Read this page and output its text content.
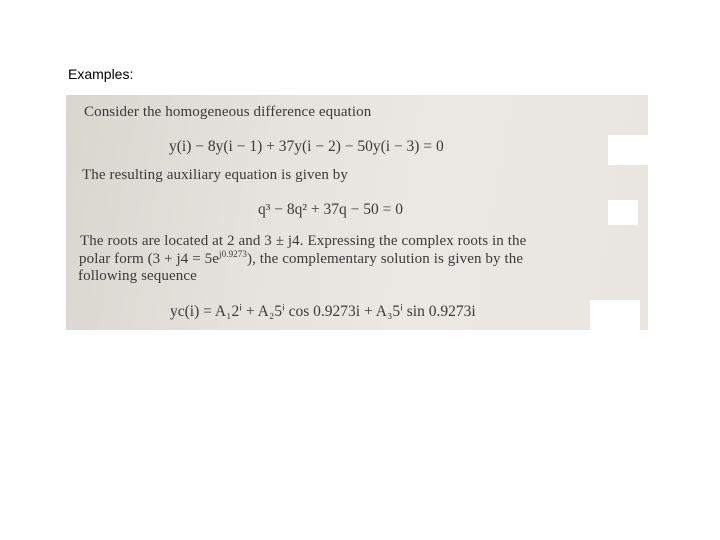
Examples:
Consider the homogeneous difference equation
y(i) − 8y(i − 1) + 37y(i − 2) − 50y(i − 3) = 0
The resulting auxiliary equation is given by
q³ − 8q² + 37q − 50 = 0
The roots are located at 2 and 3 ± j4. Expressing the complex roots in the
polar form $(3 + j4 = 5e^{j0.9273})$, the complementary solution is given by the
following sequence
yc(i) = A₁2ⁱ + A₂5ⁱ cos 0.9273i + A₃5ⁱ sin 0.9273i
